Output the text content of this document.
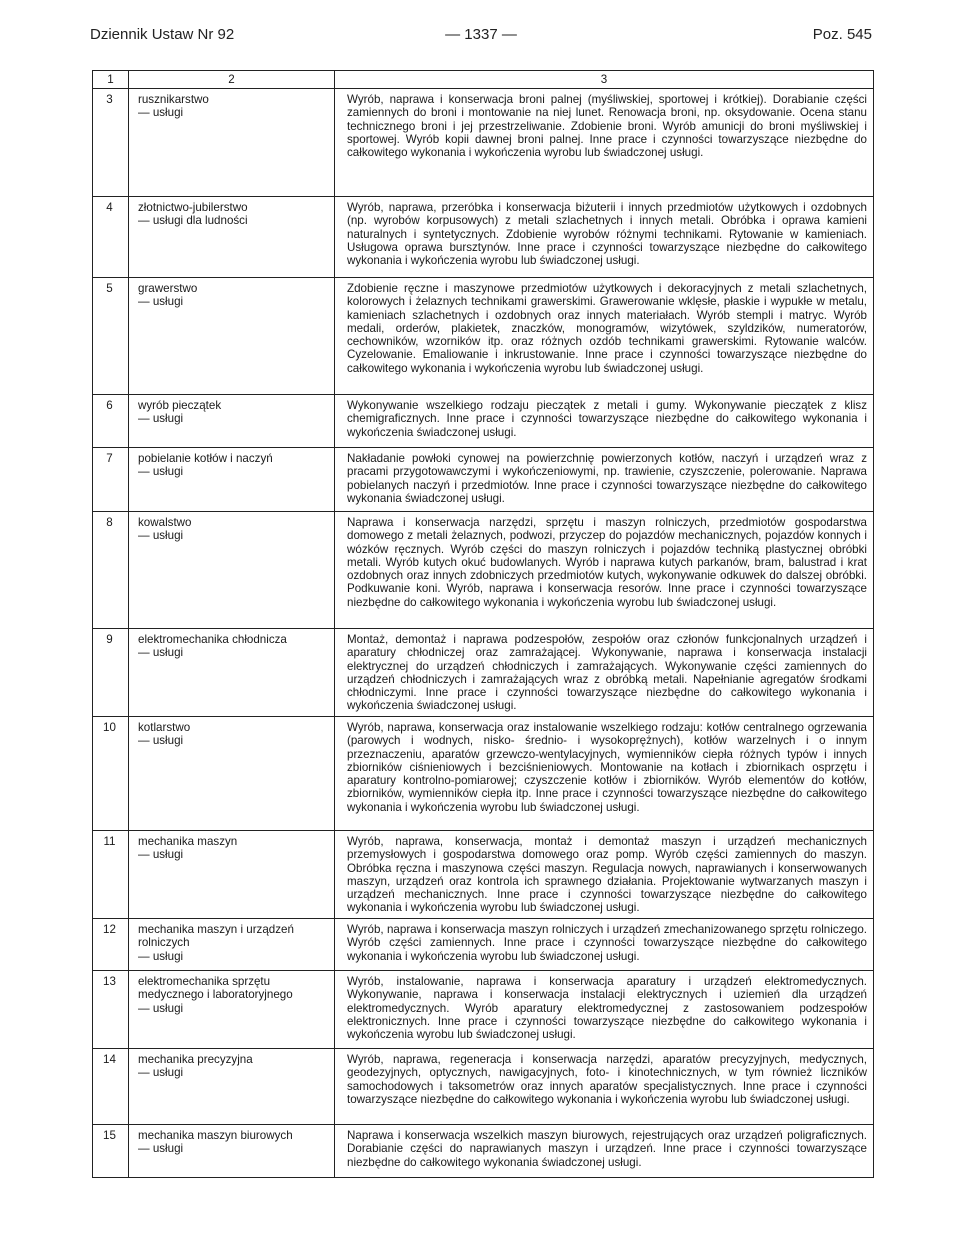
Dziennik Ustaw Nr 92	— 1337 —	Poz. 545
1	2	3
3	rusznikarstwo
— usługi
Wyrób, naprawa i konserwacja broni palnej (myśliwskiej, sportowej i krótkiej). Dorabianie części zamiennych do broni i montowanie na niej lunet. Renowacja broni, np. oksydowanie. Ocena stanu technicznego broni i jej przestrzeliwanie. Zdobienie broni. Wyrób amunicji do broni myśliwskiej i sportowej. Wyrób kopii dawnej broni palnej. Inne prace i czynności towarzyszące niezbędne do całkowitego wykonania i wykończenia wyrobu lub świadczonej usługi.
4	złotnictwo-jubilerstwo
— usługi dla ludności
Wyrób, naprawa, przeróbka i konserwacja biżuterii i innych przedmiotów użytkowych i ozdobnych (np. wyrobów korpusowych) z metali szlachetnych i innych metali. Obróbka i oprawa kamieni naturalnych i syntetycznych. Zdobienie wyrobów różnymi technikami. Rytowanie w kamieniach. Usługowa oprawa bursztynów. Inne prace i czynności towarzyszące niezbędne do całkowitego wykonania i wykończenia wyrobu lub świadczonej usługi.
5	grawerstwo
— usługi
Zdobienie ręczne i maszynowe przedmiotów użytkowych i dekoracyjnych z metali szlachetnych, kolorowych i żelaznych technikami grawerskimi. Grawerowanie wklęsłe, płaskie i wypukłe w metalu, kamieniach szlachetnych i ozdobnych oraz innych materiałach. Wyrób stempli i matryc. Wyrób medali, orderów, plakietek, znaczków, monogramów, wizytówek, szyldzików, numeratorów, cechowników, wzorników itp. oraz różnych ozdób technikami grawerskimi. Rytowanie walców. Cyzelowanie. Emaliowanie i inkrustowanie. Inne prace i czynności towarzyszące niezbędne do całkowitego wykonania i wykończenia wyrobu lub świadczonej usługi.
6	wyrób pieczątek
— usługi
Wykonywanie wszelkiego rodzaju pieczątek z metali i gumy. Wykonywanie pieczątek z klisz chemigraficznych. Inne prace i czynności towarzyszące niezbędne do całkowitego wykonania i wykończenia świadczonej usługi.
7	pobielanie kotłów i naczyń
— usługi
Nakładanie powłoki cynowej na powierzchnię powierzonych kotłów, naczyń i urządzeń wraz z pracami przygotowawczymi i wykończeniowymi, np. trawienie, czyszczenie, polerowanie. Naprawa pobielanych naczyń i przedmiotów. Inne prace i czynności towarzyszące niezbędne do całkowitego wykonania świadczonej usługi.
8	kowalstwo
— usługi
Naprawa i konserwacja narzędzi, sprzętu i maszyn rolniczych, przedmiotów gospodarstwa domowego z metali żelaznych, podwozi, przyczep do pojazdów mechanicznych, pojazdów konnych i wózków ręcznych. Wyrób części do maszyn rolniczych i pojazdów techniką plastycznej obróbki metali. Wyrób kutych okuć budowlanych. Wyrób i naprawa kutych parkanów, bram, balustrad i krat ozdobnych oraz innych zdobniczych przedmiotów kutych, wykonywanie odkuwek do dalszej obróbki. Podkuwanie koni. Wyrób, naprawa i konserwacja resorów. Inne prace i czynności towarzyszące niezbędne do całkowitego wykonania i wykończenia wyrobu lub świadczonej usługi.
9	elektromechanika chłodnicza
— usługi
Montaż, demontaż i naprawa podzespołów, zespołów oraz członów funkcjonalnych urządzeń i aparatury chłodniczej oraz zamrażającej. Wykonywanie, naprawa i konserwacja instalacji elektrycznej do urządzeń chłodniczych i zamrażających. Wykonywanie części zamiennych do urządzeń chłodniczych i zamrażających wraz z obróbką metali. Napełnianie agregatów środkami chłodniczymi. Inne prace i czynności towarzyszące niezbędne do całkowitego wykonania i wykończenia świadczonej usługi.
10	kotlarstwo
— usługi
Wyrób, naprawa, konserwacja oraz instalowanie wszelkiego rodzaju: kotłów centralnego ogrzewania (parowych i wodnych, nisko- średnio- i wysokoprężnych), kotłów warzelnych i o innym przeznaczeniu, aparatów grzewczo-wentylacyjnych, wymienników ciepła różnych typów i innych zbiorników ciśnieniowych i bezciśnieniowych. Montowanie na kotłach i zbiornikach osprzętu i aparatury kontrolno-pomiarowej; czyszczenie kotłów i zbiorników. Wyrób elementów do kotłów, zbiorników, wymienników ciepła itp. Inne prace i czynności towarzyszące niezbędne do całkowitego wykonania i wykończenia wyrobu lub świadczonej usługi.
11	mechanika maszyn
— usługi
Wyrób, naprawa, konserwacja, montaż i demontaż maszyn i urządzeń mechanicznych przemysłowych i gospodarstwa domowego oraz pomp. Wyrób części zamiennych do maszyn. Obróbka ręczna i maszynowa części maszyn. Regulacja nowych, naprawianych i konserwowanych maszyn, urządzeń oraz kontrola ich sprawnego działania. Projektowanie wytwarzanych maszyn i urządzeń mechanicznych. Inne prace i czynności towarzyszące niezbędne do całkowitego wykonania i wykończenia wyrobu lub świadczonej usługi.
12	mechanika maszyn i urządzeń rolniczych
— usługi
Wyrób, naprawa i konserwacja maszyn rolniczych i urządzeń zmechanizowanego sprzętu rolniczego. Wyrób części zamiennych. Inne prace i czynności towarzyszące niezbędne do całkowitego wykonania i wykończenia wyrobu lub świadczonej usługi.
13	elektromechanika sprzętu medycznego i laboratoryjnego
— usługi
Wyrób, instalowanie, naprawa i konserwacja aparatury i urządzeń elektromedycznych. Wykonywanie, naprawa i konserwacja instalacji elektrycznych i uziemień dla urządzeń elektromedycznych. Wyrób aparatury elektromedycznej z zastosowaniem podzespołów elektronicznych. Inne prace i czynności towarzyszące niezbędne do całkowitego wykonania i wykończenia wyrobu lub świadczonej usługi.
14	mechanika precyzyjna
— usługi
Wyrób, naprawa, regeneracja i konserwacja narzędzi, aparatów precyzyjnych, medycznych, geodezyjnych, optycznych, nawigacyjnych, foto- i kinotechnicznych, w tym również liczników samochodowych i taksometrów oraz innych aparatów specjalistycznych. Inne prace i czynności towarzyszące niezbędne do całkowitego wykonania i wykończenia wyrobu lub świadczonej usługi.
15	mechanika maszyn biurowych
— usługi
Naprawa i konserwacja wszelkich maszyn biurowych, rejestrujących oraz urządzeń poligraficznych. Dorabianie części do naprawianych maszyn i urządzeń. Inne prace i czynności towarzyszące niezbędne do całkowitego wykonania świadczonej usługi.
